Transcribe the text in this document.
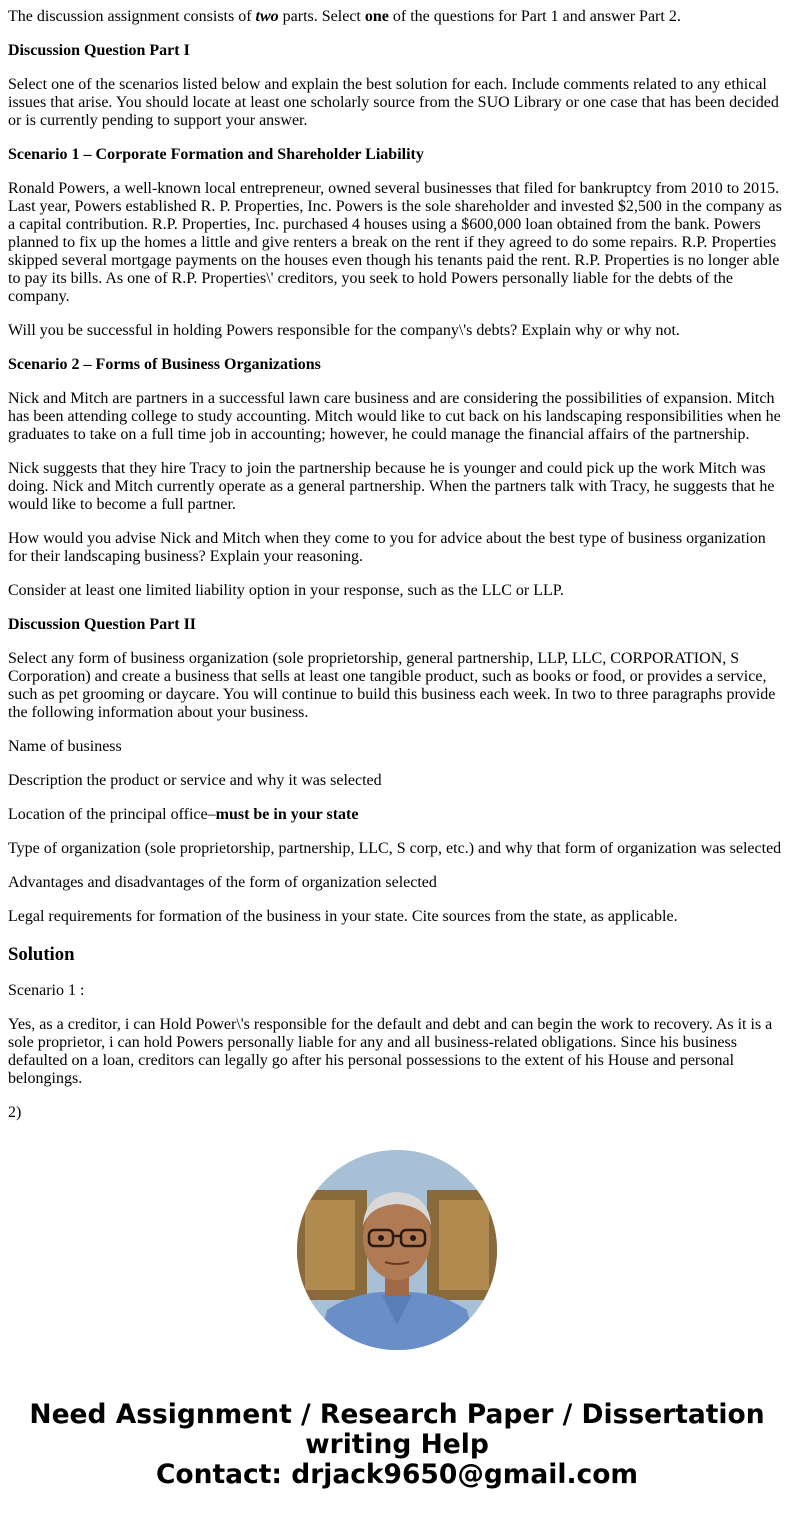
The discussion assignment consists of two parts. Select one of the questions for Part 1 and answer Part 2.

Discussion Question Part I

Select one of the scenarios listed below and explain the best solution for each. Include comments related to any ethical issues that arise. You should locate at least one scholarly source from the SUO Library or one case that has been decided or is currently pending to support your answer.

Scenario 1 – Corporate Formation and Shareholder Liability

Ronald Powers, a well-known local entrepreneur, owned several businesses that filed for bankruptcy from 2010 to 2015. Last year, Powers established R. P. Properties, Inc. Powers is the sole shareholder and invested $2,500 in the company as a capital contribution. R.P. Properties, Inc. purchased 4 houses using a $600,000 loan obtained from the bank. Powers planned to fix up the homes a little and give renters a break on the rent if they agreed to do some repairs. R.P. Properties skipped several mortgage payments on the houses even though his tenants paid the rent. R.P. Properties is no longer able to pay its bills. As one of R.P. Properties\' creditors, you seek to hold Powers personally liable for the debts of the company.

Will you be successful in holding Powers responsible for the company\'s debts? Explain why or why not.

Scenario 2 – Forms of Business Organizations

Nick and Mitch are partners in a successful lawn care business and are considering the possibilities of expansion. Mitch has been attending college to study accounting. Mitch would like to cut back on his landscaping responsibilities when he graduates to take on a full time job in accounting; however, he could manage the financial affairs of the partnership.

Nick suggests that they hire Tracy to join the partnership because he is younger and could pick up the work Mitch was doing. Nick and Mitch currently operate as a general partnership. When the partners talk with Tracy, he suggests that he would like to become a full partner.

How would you advise Nick and Mitch when they come to you for advice about the best type of business organization for their landscaping business? Explain your reasoning.

Consider at least one limited liability option in your response, such as the LLC or LLP.

Discussion Question Part II

Select any form of business organization (sole proprietorship, general partnership, LLP, LLC, CORPORATION, S Corporation) and create a business that sells at least one tangible product, such as books or food, or provides a service, such as pet grooming or daycare. You will continue to build this business each week. In two to three paragraphs provide the following information about your business.

Name of business

Description the product or service and why it was selected

Location of the principal office–must be in your state

Type of organization (sole proprietorship, partnership, LLC, S corp, etc.) and why that form of organization was selected

Advantages and disadvantages of the form of organization selected

Legal requirements for formation of the business in your state. Cite sources from the state, as applicable.

Solution

Scenario 1 :

Yes, as a creditor, i can Hold Power\'s responsible for the default and debt and can begin the work to recovery. As it is a sole proprietor, i can hold Powers personally liable for any and all business-related obligations. Since his business defaulted on a loan, creditors can legally go after his personal possessions to the extent of his House and personal belongings.

2)

Need Assignment / Research Paper / Dissertation
writing Help
Contact: drjack9650@gmail.com
